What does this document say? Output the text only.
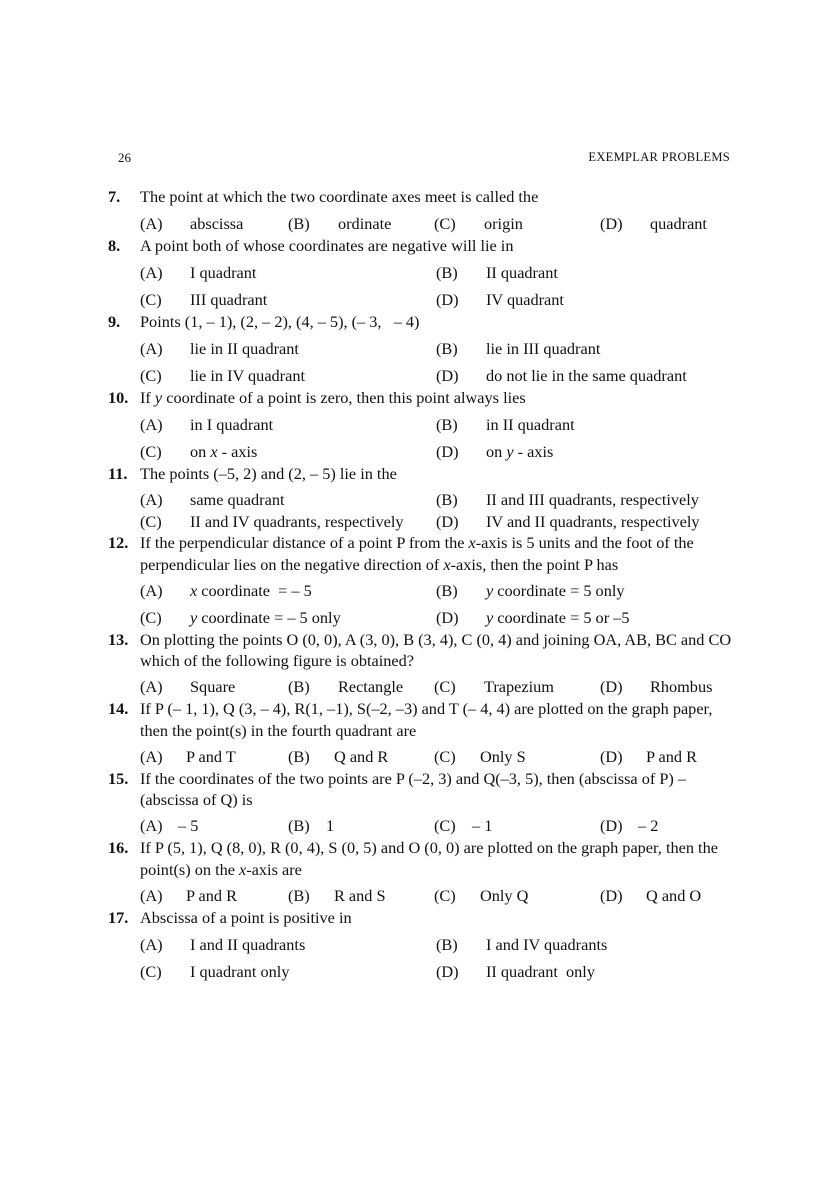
26	EXEMPLAR PROBLEMS
7. The point at which the two coordinate axes meet is called the
(A) abscissa	(B) ordinate	(C) origin	(D) quadrant
8. A point both of whose coordinates are negative will lie in
(A) I quadrant	(B) II quadrant
(C) III quadrant	(D) IV quadrant
9. Points (1, – 1), (2, – 2), (4, – 5), (– 3,   – 4)
(A) lie in II quadrant	(B) lie in III quadrant
(C) lie in IV quadrant	(D) do not lie in the same quadrant
10. If y coordinate of a point is zero, then this point always lies
(A) in I quadrant	(B) in II quadrant
(C) on x - axis	(D) on y - axis
11. The points (–5, 2) and (2, – 5) lie in the
(A) same quadrant	(B) II and III quadrants, respectively
(C) II and IV quadrants, respectively	(D) IV and II quadrants, respectively
12. If the perpendicular distance of a point P from the x-axis is 5 units and the foot of the perpendicular lies on the negative direction of x-axis, then the point P has
(A) x coordinate  = – 5	(B) y coordinate = 5 only
(C) y coordinate = – 5 only	(D) y coordinate = 5 or –5
13. On plotting the points O (0, 0), A (3, 0), B (3, 4), C (0, 4) and joining OA, AB, BC and CO which of the following figure is obtained?
(A) Square	(B) Rectangle	(C) Trapezium	(D) Rhombus
14. If P (– 1, 1), Q (3, – 4), R(1, –1), S(–2, –3) and T (– 4, 4) are plotted on the graph paper, then the point(s) in the fourth quadrant are
(A) P and T	(B) Q and R	(C) Only S	(D) P and R
15. If the coordinates of the two points are P (–2, 3) and Q(–3, 5), then (abscissa of P) – (abscissa of Q) is
(A) – 5	(B) 1	(C) – 1	(D) – 2
16. If P (5, 1), Q (8, 0), R (0, 4), S (0, 5) and O (0, 0) are plotted on the graph paper, then the point(s) on the x-axis are
(A) P and R	(B) R and S	(C) Only Q	(D) Q and O
17. Abscissa of a point is positive in
(A) I and II quadrants	(B) I and IV quadrants
(C) I quadrant only	(D) II quadrant  only
